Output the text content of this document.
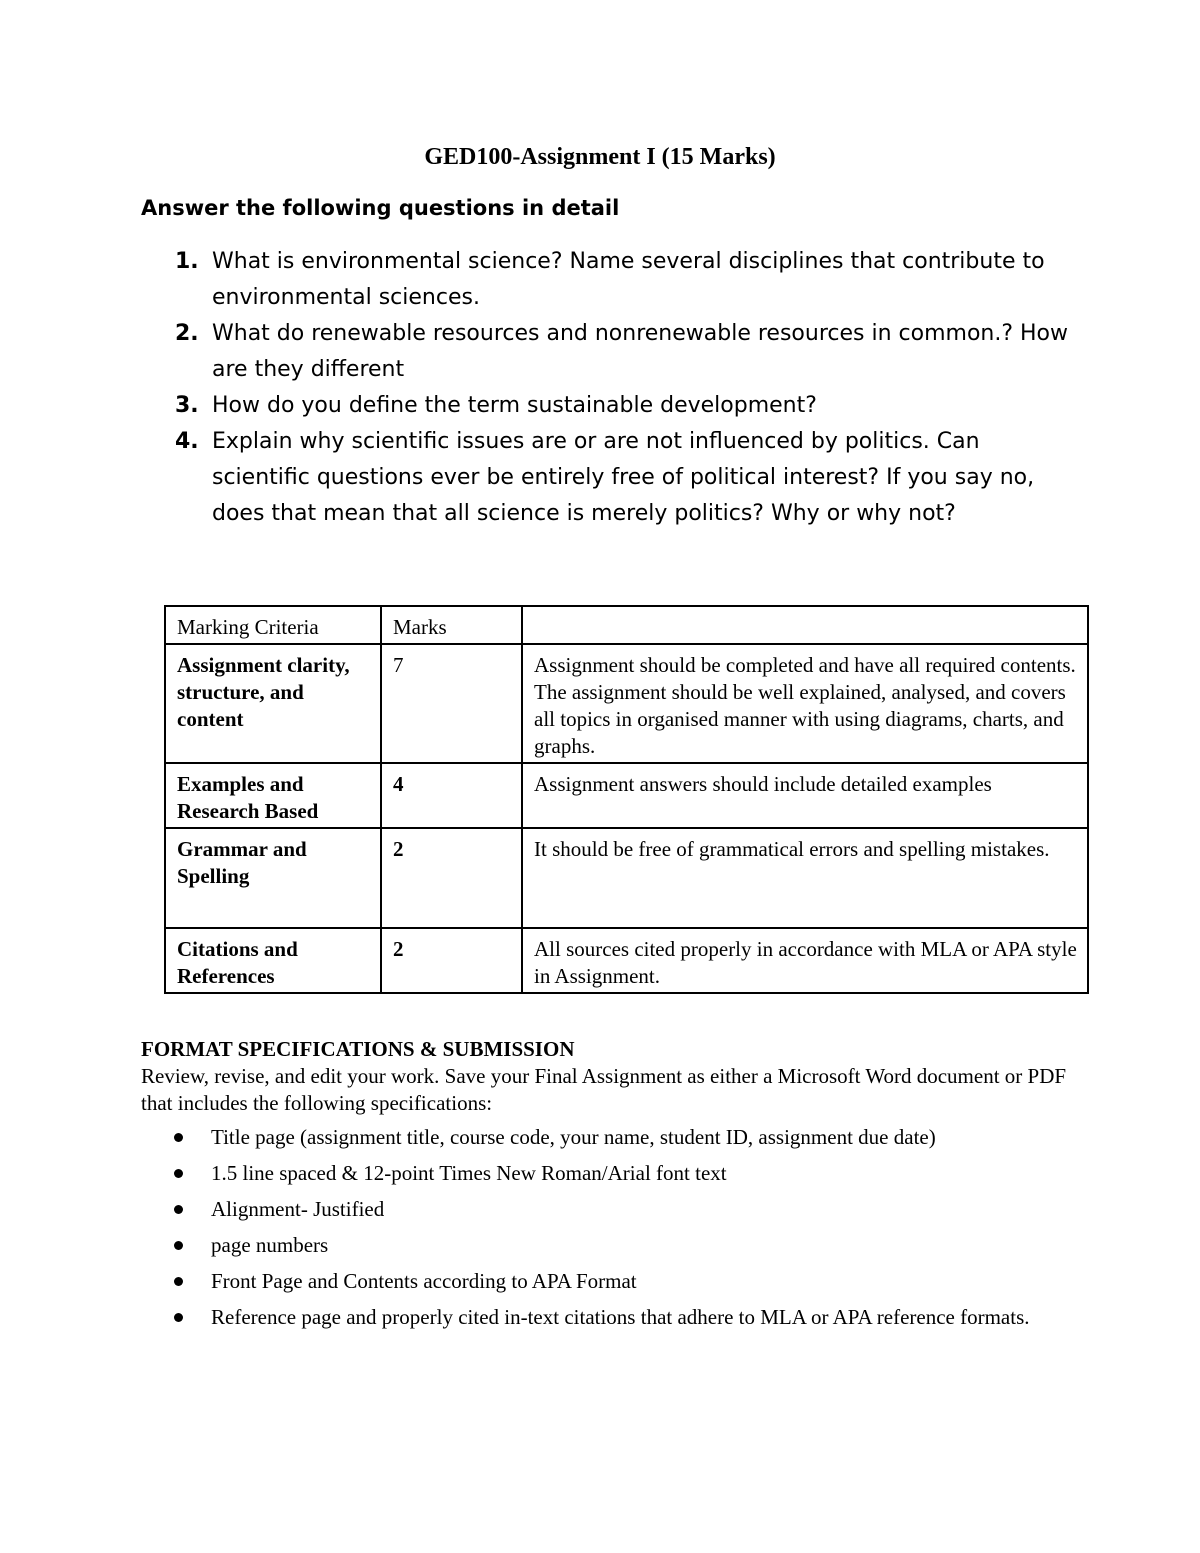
GED100-Assignment I (15 Marks)
Answer the following questions in detail
1. What is environmental science? Name several disciplines that contribute to environmental sciences.
2. What do renewable resources and nonrenewable resources in common.? How are they different
3. How do you define the term sustainable development?
4. Explain why scientific issues are or are not influenced by politics. Can scientific questions ever be entirely free of political interest? If you say no, does that mean that all science is merely politics? Why or why not?
Marking Criteria	Marks	
Assignment clarity, structure, and content	7	Assignment should be completed and have all required contents. The assignment should be well explained, analysed, and covers all topics in organised manner with using diagrams, charts, and graphs.
Examples and Research Based	4	Assignment answers should include detailed examples
Grammar and Spelling	2	It should be free of grammatical errors and spelling mistakes.
Citations and References	2	All sources cited properly in accordance with MLA or APA style in Assignment.
FORMAT SPECIFICATIONS & SUBMISSION
Review, revise, and edit your work. Save your Final Assignment as either a Microsoft Word document or PDF that includes the following specifications:
Title page (assignment title, course code, your name, student ID, assignment due date)
1.5 line spaced & 12-point Times New Roman/Arial font text
Alignment- Justified
page numbers
Front Page and Contents according to APA Format
Reference page and properly cited in-text citations that adhere to MLA or APA reference formats.
